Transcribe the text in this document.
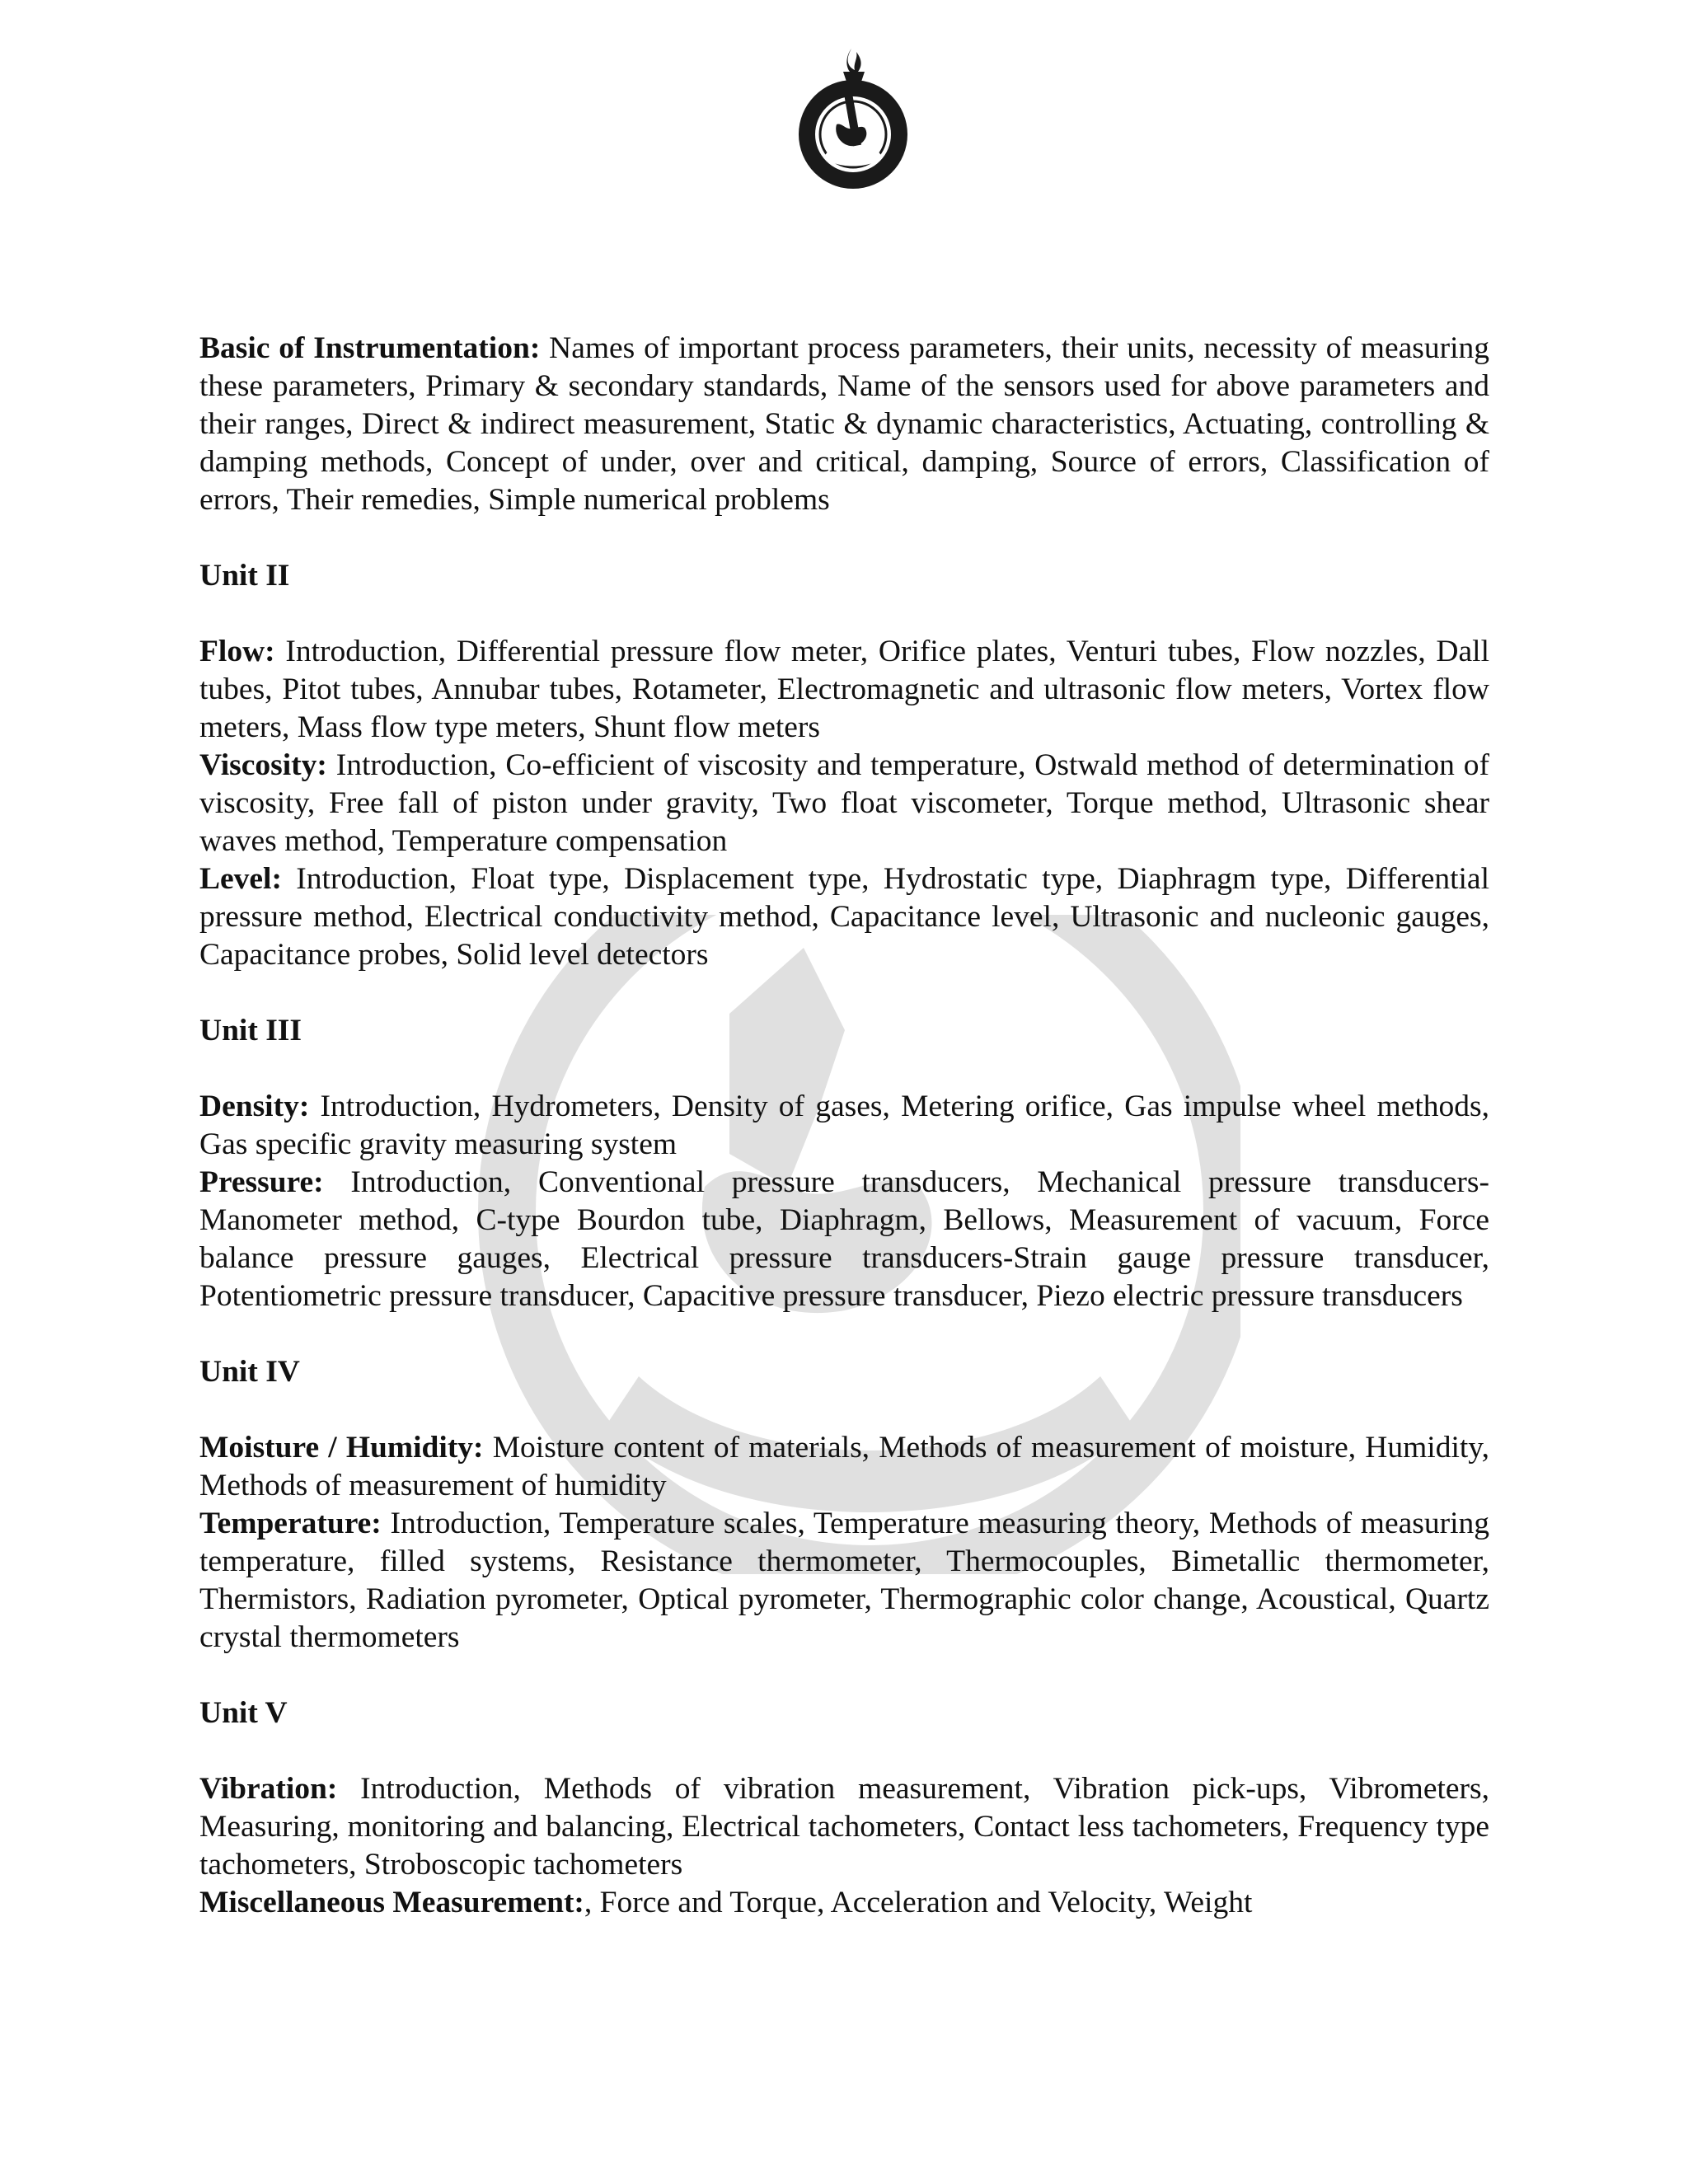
Basic of Instrumentation: Names of important process parameters, their units, necessity of measuring these parameters, Primary & secondary standards, Name of the sensors used for above parameters and their ranges, Direct & indirect measurement, Static & dynamic characteristics, Actuating, controlling & damping methods, Concept of under, over and critical, damping, Source of errors, Classification of errors, Their remedies, Simple numerical problems

Unit II

Flow: Introduction, Differential pressure flow meter, Orifice plates, Venturi tubes, Flow nozzles, Dall tubes, Pitot tubes, Annubar tubes, Rotameter, Electromagnetic and ultrasonic flow meters, Vortex flow meters, Mass flow type meters, Shunt flow meters

Viscosity: Introduction, Co-efficient of viscosity and temperature, Ostwald method of determination of viscosity, Free fall of piston under gravity, Two float viscometer, Torque method, Ultrasonic shear waves method, Temperature compensation

Level: Introduction, Float type, Displacement type, Hydrostatic type, Diaphragm type, Differential pressure method, Electrical conductivity method, Capacitance level, Ultrasonic and nucleonic gauges, Capacitance probes, Solid level detectors

Unit III

Density: Introduction, Hydrometers, Density of gases, Metering orifice, Gas impulse wheel methods, Gas specific gravity measuring system

Pressure: Introduction, Conventional pressure transducers, Mechanical pressure transducers-Manometer method, C-type Bourdon tube, Diaphragm, Bellows, Measurement of vacuum, Force balance pressure gauges, Electrical pressure transducers-Strain gauge pressure transducer, Potentiometric pressure transducer, Capacitive pressure transducer, Piezo electric pressure transducers

Unit IV

Moisture / Humidity: Moisture content of materials, Methods of measurement of moisture, Humidity, Methods of measurement of humidity

Temperature: Introduction, Temperature scales, Temperature measuring theory, Methods of measuring temperature, filled systems, Resistance thermometer, Thermocouples, Bimetallic thermometer, Thermistors, Radiation pyrometer, Optical pyrometer, Thermographic color change, Acoustical, Quartz crystal thermometers

Unit V

Vibration: Introduction, Methods of vibration measurement, Vibration pick-ups, Vibrometers, Measuring, monitoring and balancing, Electrical tachometers, Contact less tachometers, Frequency type tachometers, Stroboscopic tachometers

Miscellaneous Measurement:, Force and Torque, Acceleration and Velocity, Weight
